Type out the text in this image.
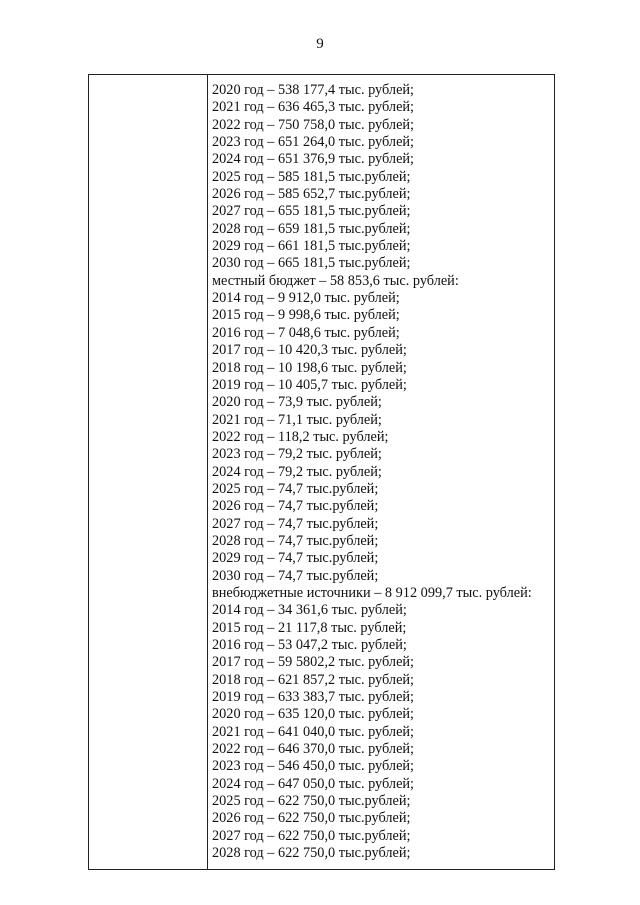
9
2020 год – 538 177,4 тыс. рублей;
2021 год – 636 465,3 тыс. рублей;
2022 год – 750 758,0 тыс. рублей;
2023 год – 651 264,0 тыс. рублей;
2024 год – 651 376,9 тыс. рублей;
2025 год – 585 181,5 тыс.рублей;
2026 год – 585 652,7 тыс.рублей;
2027 год – 655 181,5 тыс.рублей;
2028 год – 659 181,5 тыс.рублей;
2029 год – 661 181,5 тыс.рублей;
2030 год – 665 181,5 тыс.рублей;
местный бюджет – 58 853,6 тыс. рублей:
2014 год – 9 912,0 тыс. рублей;
2015 год – 9 998,6 тыс. рублей;
2016 год – 7 048,6 тыс. рублей;
2017 год – 10 420,3 тыс. рублей;
2018 год – 10 198,6 тыс. рублей;
2019 год – 10 405,7 тыс. рублей;
2020 год – 73,9 тыс. рублей;
2021 год – 71,1 тыс. рублей;
2022 год – 118,2 тыс. рублей;
2023 год – 79,2 тыс. рублей;
2024 год – 79,2 тыс. рублей;
2025 год – 74,7 тыс.рублей;
2026 год – 74,7 тыс.рублей;
2027 год – 74,7 тыс.рублей;
2028 год – 74,7 тыс.рублей;
2029 год – 74,7 тыс.рублей;
2030 год – 74,7 тыс.рублей;
внебюджетные источники – 8 912 099,7 тыс. рублей:
2014 год – 34 361,6 тыс. рублей;
2015 год – 21 117,8 тыс. рублей;
2016 год – 53 047,2 тыс. рублей;
2017 год – 59 5802,2 тыс. рублей;
2018 год – 621 857,2 тыс. рублей;
2019 год – 633 383,7 тыс. рублей;
2020 год – 635 120,0 тыс. рублей;
2021 год – 641 040,0 тыс. рублей;
2022 год – 646 370,0 тыс. рублей;
2023 год – 546 450,0 тыс. рублей;
2024 год – 647 050,0 тыс. рублей;
2025 год – 622 750,0 тыс.рублей;
2026 год – 622 750,0 тыс.рублей;
2027 год – 622 750,0 тыс.рублей;
2028 год – 622 750,0 тыс.рублей;
